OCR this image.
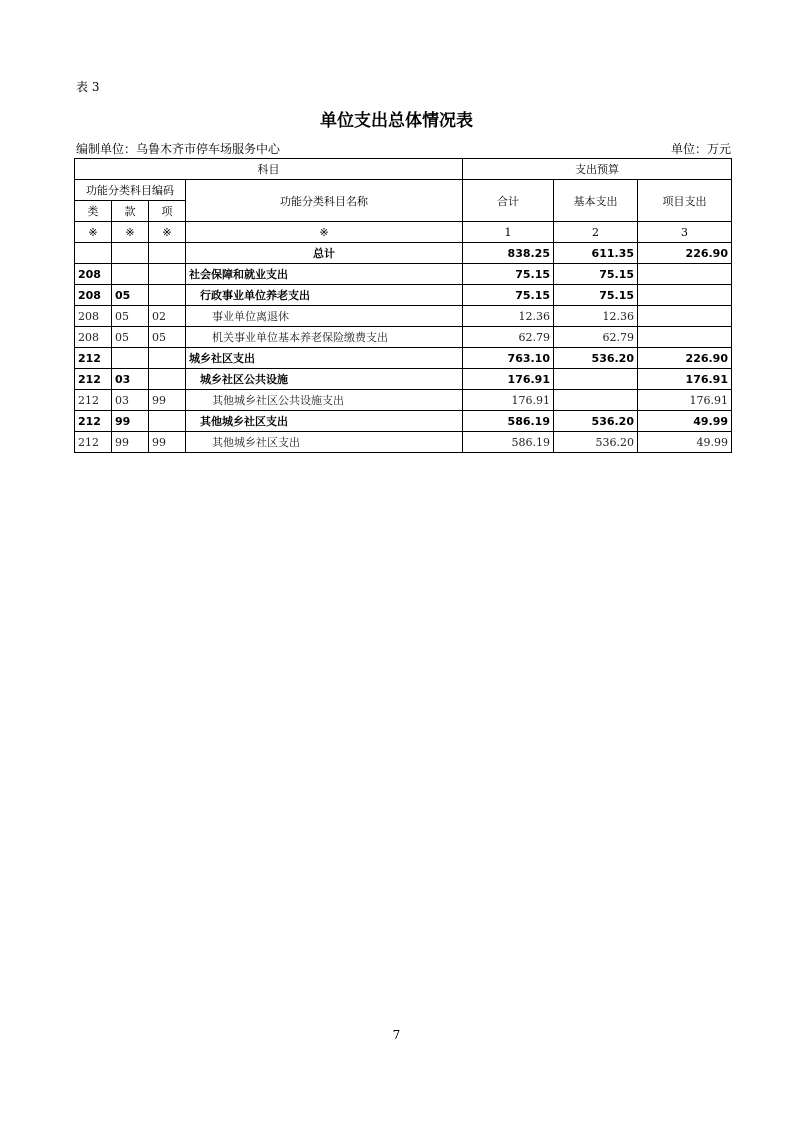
表 3
单位支出总体情况表
编制单位：乌鲁木齐市停车场服务中心	单位：万元
科目				支出预算		
功能分类科目编码			功能分类科目名称	合计	基本支出	项目支出
类	款	项				
※	※	※	※	1	2	3
			总计	838.25	611.35	226.90
208			社会保障和就业支出	75.15	75.15	
208	05		行政事业单位养老支出	75.15	75.15	
208	05	02	事业单位离退休	12.36	12.36	
208	05	05	机关事业单位基本养老保险缴费支出	62.79	62.79	
212			城乡社区支出	763.10	536.20	226.90
212	03		城乡社区公共设施	176.91		176.91
212	03	99	其他城乡社区公共设施支出	176.91		176.91
212	99		其他城乡社区支出	586.19	536.20	49.99
212	99	99	其他城乡社区支出	586.19	536.20	49.99
7
